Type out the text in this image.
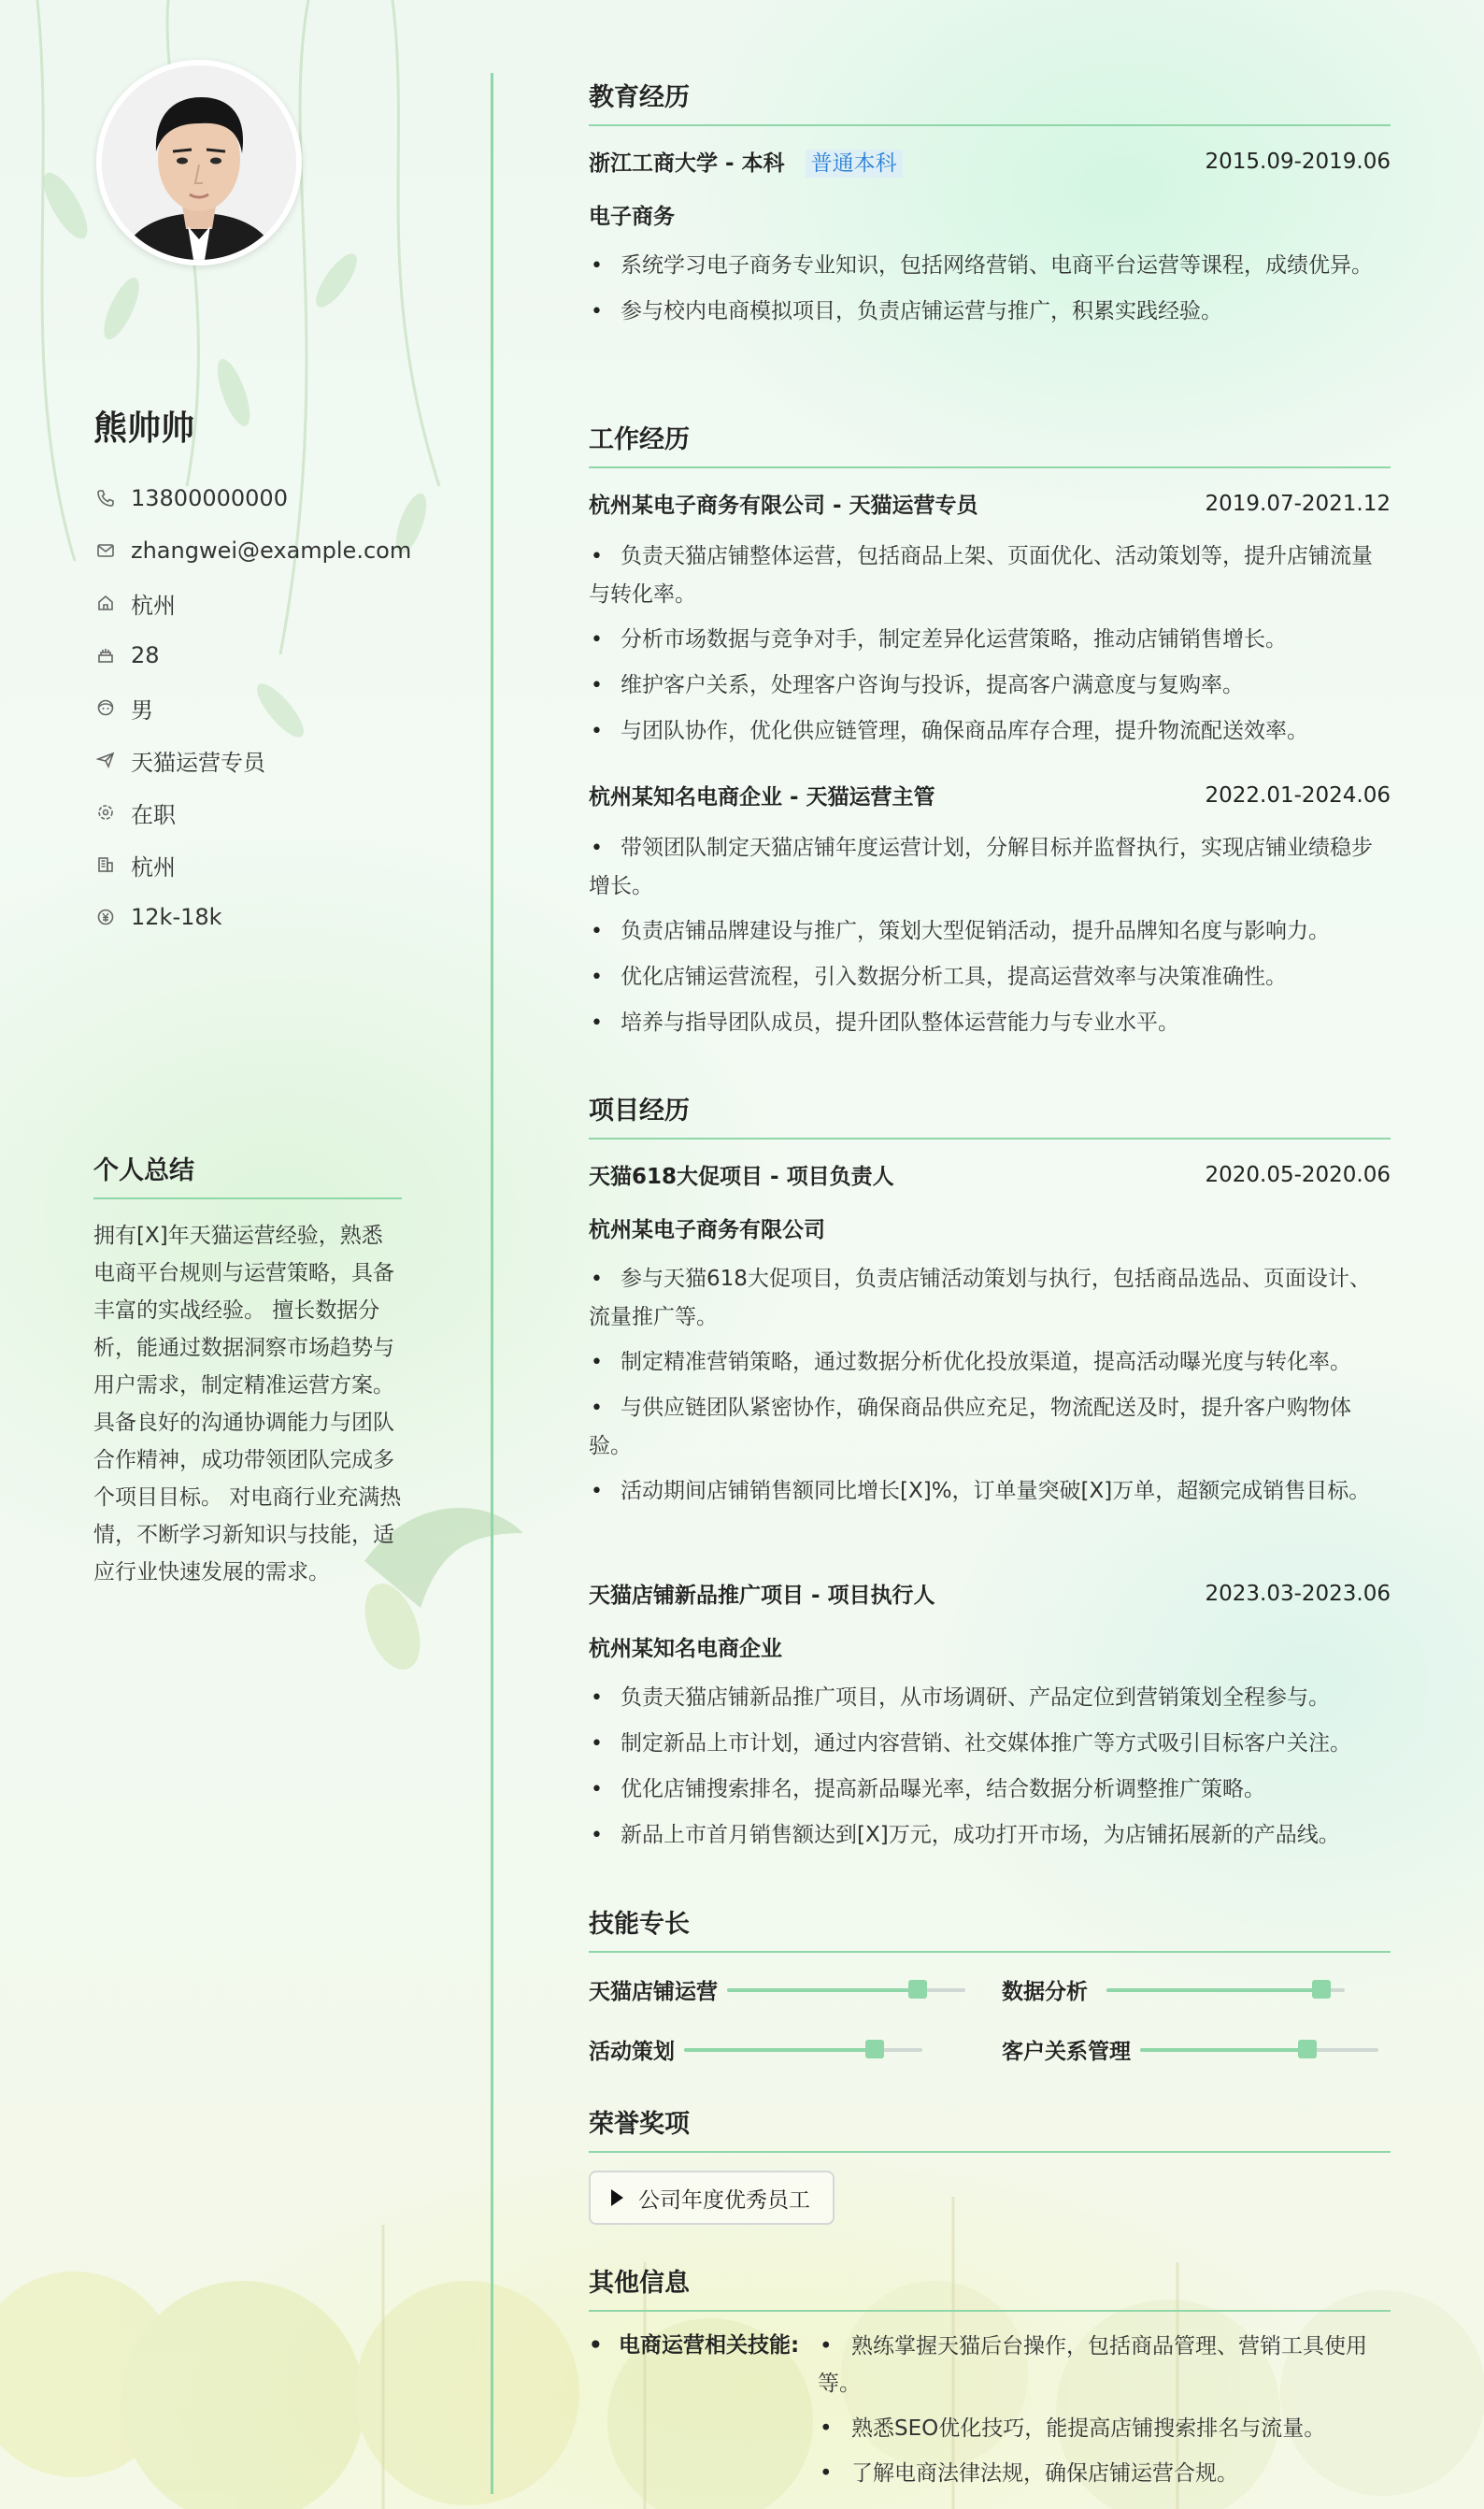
熊帅帅
13800000000
zhangwei@example.com
杭州
28
男
天猫运营专员
在职
杭州
12k-18k
个人总结
拥有[X]年天猫运营经验，熟悉电商平台规则与运营策略，具备丰富的实战经验。 擅长数据分析，能通过数据洞察市场趋势与用户需求，制定精准运营方案。 具备良好的沟通协调能力与团队合作精神，成功带领团队完成多个项目目标。 对电商行业充满热情，不断学习新知识与技能，适应行业快速发展的需求。
教育经历
浙江工商大学 - 本科 普通本科	2015.09-2019.06
电子商务
• 系统学习电子商务专业知识，包括网络营销、电商平台运营等课程，成绩优异。
• 参与校内电商模拟项目，负责店铺运营与推广，积累实践经验。
工作经历
杭州某电子商务有限公司 - 天猫运营专员	2019.07-2021.12
• 负责天猫店铺整体运营，包括商品上架、页面优化、活动策划等，提升店铺流量与转化率。
• 分析市场数据与竞争对手，制定差异化运营策略，推动店铺销售增长。
• 维护客户关系，处理客户咨询与投诉，提高客户满意度与复购率。
• 与团队协作，优化供应链管理，确保商品库存合理，提升物流配送效率。
杭州某知名电商企业 - 天猫运营主管	2022.01-2024.06
• 带领团队制定天猫店铺年度运营计划，分解目标并监督执行，实现店铺业绩稳步增长。
• 负责店铺品牌建设与推广，策划大型促销活动，提升品牌知名度与影响力。
• 优化店铺运营流程，引入数据分析工具，提高运营效率与决策准确性。
• 培养与指导团队成员，提升团队整体运营能力与专业水平。
项目经历
天猫618大促项目 - 项目负责人	2020.05-2020.06
杭州某电子商务有限公司
• 参与天猫618大促项目，负责店铺活动策划与执行，包括商品选品、页面设计、流量推广等。
• 制定精准营销策略，通过数据分析优化投放渠道，提高活动曝光度与转化率。
• 与供应链团队紧密协作，确保商品供应充足，物流配送及时，提升客户购物体验。
• 活动期间店铺销售额同比增长[X]%，订单量突破[X]万单，超额完成销售目标。
天猫店铺新品推广项目 - 项目执行人	2023.03-2023.06
杭州某知名电商企业
• 负责天猫店铺新品推广项目，从市场调研、产品定位到营销策划全程参与。
• 制定新品上市计划，通过内容营销、社交媒体推广等方式吸引目标客户关注。
• 优化店铺搜索排名，提高新品曝光率，结合数据分析调整推广策略。
• 新品上市首月销售额达到[X]万元，成功打开市场，为店铺拓展新的产品线。
技能专长
天猫店铺运营	数据分析
活动策划	客户关系管理
荣誉奖项
公司年度优秀员工
其他信息
• 电商运营相关技能:
•	熟练掌握天猫后台操作，包括商品管理、营销工具使用等。
• 熟悉SEO优化技巧，能提高店铺搜索排名与流量。
• 了解电商法律法规，确保店铺运营合规。
